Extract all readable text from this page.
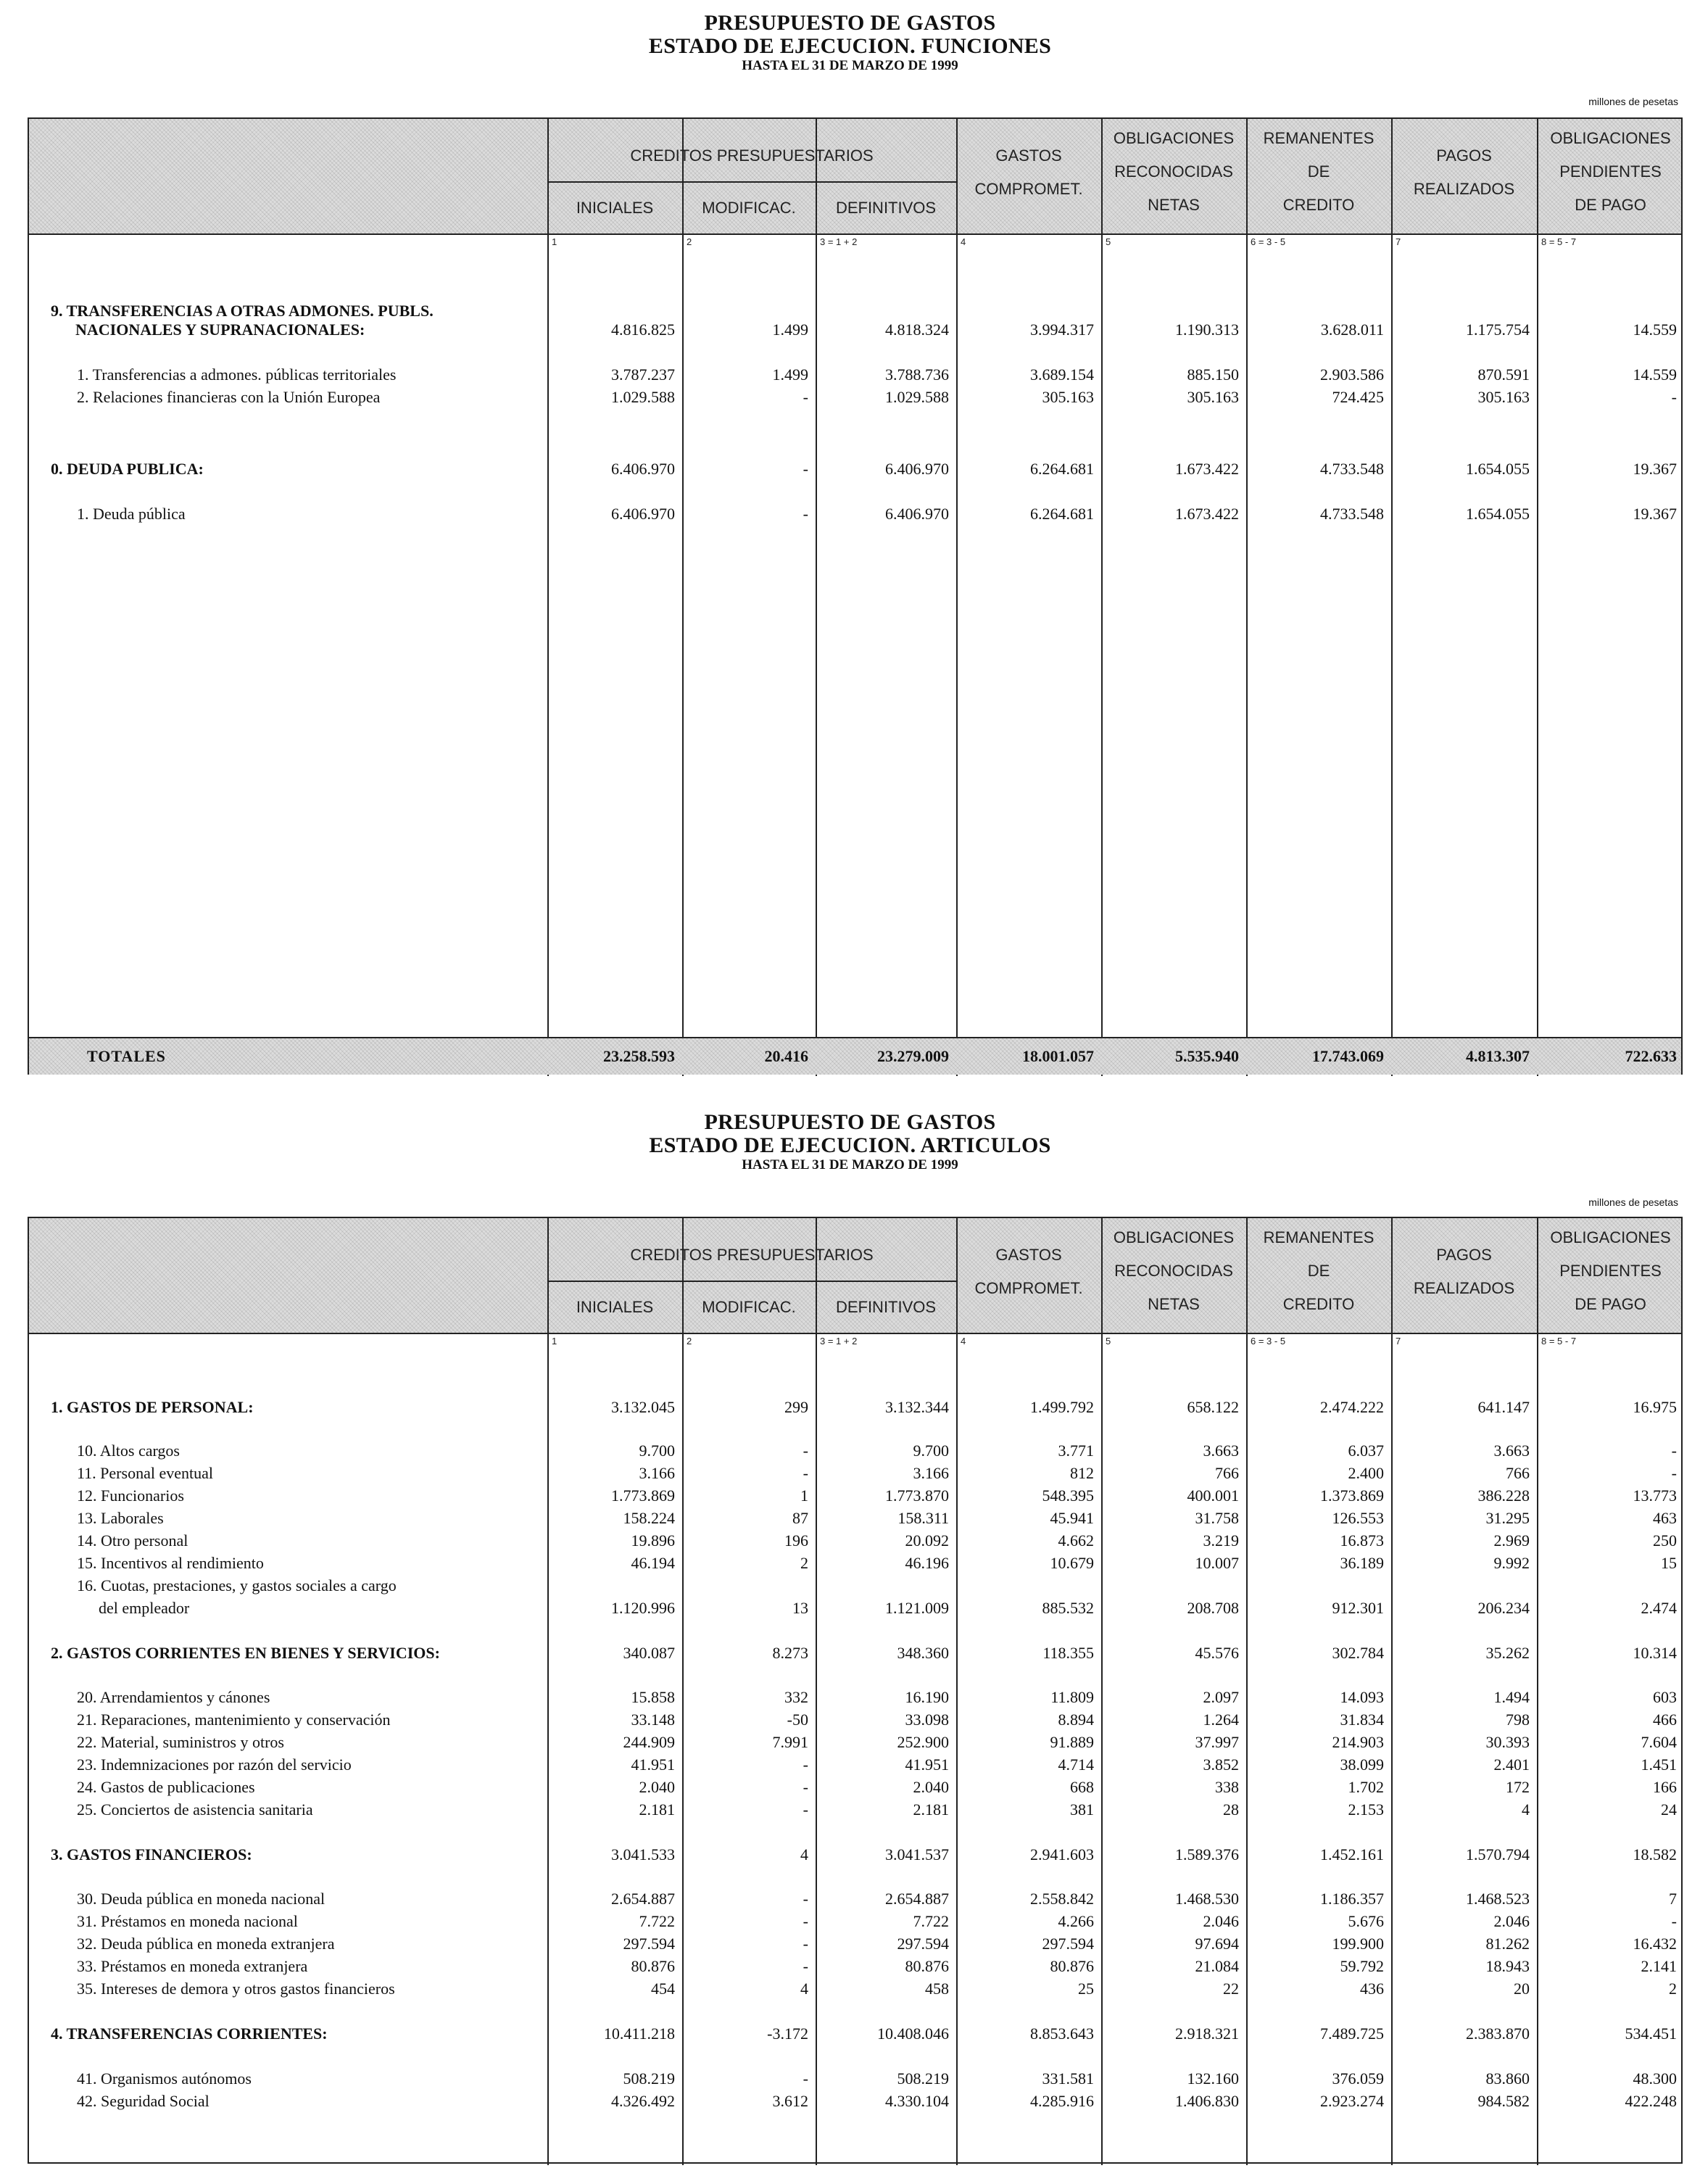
PRESUPUESTO DE GASTOS
ESTADO DE EJECUCION. FUNCIONES
HASTA EL 31 DE MARZO DE 1999
millones de pesetas
CREDITOS PRESUPUESTARIOS
INICIALES	MODIFICAC.	DEFINITIVOS
GASTOS
COMPROMET.
OBLIGACIONES
RECONOCIDAS
NETAS
REMANENTES
DE
CREDITO
PAGOS
REALIZADOS
OBLIGACIONES
PENDIENTES
DE PAGO
1	2	3 = 1 + 2	4	5	6 = 3 - 5	7	8 = 5 - 7
9. TRANSFERENCIAS A OTRAS ADMONES. PUBLS.
NACIONALES Y SUPRANACIONALES:	4.816.825	1.499	4.818.324	3.994.317	1.190.313	3.628.011	1.175.754	14.559
1. Transferencias a admones. públicas territoriales	3.787.237	1.499	3.788.736	3.689.154	885.150	2.903.586	870.591	14.559
2. Relaciones financieras con la Unión Europea	1.029.588	-	1.029.588	305.163	305.163	724.425	305.163	-
0. DEUDA PUBLICA:	6.406.970	-	6.406.970	6.264.681	1.673.422	4.733.548	1.654.055	19.367
1. Deuda pública	6.406.970	-	6.406.970	6.264.681	1.673.422	4.733.548	1.654.055	19.367
TOTALES	23.258.593	20.416	23.279.009	18.001.057	5.535.940	17.743.069	4.813.307	722.633
PRESUPUESTO DE GASTOS
ESTADO DE EJECUCION. ARTICULOS
HASTA EL 31 DE MARZO DE 1999
millones de pesetas
CREDITOS PRESUPUESTARIOS
INICIALES	MODIFICAC.	DEFINITIVOS
GASTOS
COMPROMET.
OBLIGACIONES
RECONOCIDAS
NETAS
REMANENTES
DE
CREDITO
PAGOS
REALIZADOS
OBLIGACIONES
PENDIENTES
DE PAGO
1	2	3 = 1 + 2	4	5	6 = 3 - 5	7	8 = 5 - 7
1. GASTOS DE PERSONAL:	3.132.045	299	3.132.344	1.499.792	658.122	2.474.222	641.147	16.975
10. Altos cargos	9.700	-	9.700	3.771	3.663	6.037	3.663	-
11. Personal eventual	3.166	-	3.166	812	766	2.400	766	-
12. Funcionarios	1.773.869	1	1.773.870	548.395	400.001	1.373.869	386.228	13.773
13. Laborales	158.224	87	158.311	45.941	31.758	126.553	31.295	463
14. Otro personal	19.896	196	20.092	4.662	3.219	16.873	2.969	250
15. Incentivos al rendimiento	46.194	2	46.196	10.679	10.007	36.189	9.992	15
16. Cuotas, prestaciones, y gastos sociales a cargo
del empleador	1.120.996	13	1.121.009	885.532	208.708	912.301	206.234	2.474
2. GASTOS CORRIENTES EN BIENES Y SERVICIOS:	340.087	8.273	348.360	118.355	45.576	302.784	35.262	10.314
20. Arrendamientos y cánones	15.858	332	16.190	11.809	2.097	14.093	1.494	603
21. Reparaciones, mantenimiento y conservación	33.148	-50	33.098	8.894	1.264	31.834	798	466
22. Material, suministros y otros	244.909	7.991	252.900	91.889	37.997	214.903	30.393	7.604
23. Indemnizaciones por razón del servicio	41.951	-	41.951	4.714	3.852	38.099	2.401	1.451
24. Gastos de publicaciones	2.040	-	2.040	668	338	1.702	172	166
25. Conciertos de asistencia sanitaria	2.181	-	2.181	381	28	2.153	4	24
3. GASTOS FINANCIEROS:	3.041.533	4	3.041.537	2.941.603	1.589.376	1.452.161	1.570.794	18.582
30. Deuda pública en moneda nacional	2.654.887	-	2.654.887	2.558.842	1.468.530	1.186.357	1.468.523	7
31. Préstamos en moneda nacional	7.722	-	7.722	4.266	2.046	5.676	2.046	-
32. Deuda pública en moneda extranjera	297.594	-	297.594	297.594	97.694	199.900	81.262	16.432
33. Préstamos en moneda extranjera	80.876	-	80.876	80.876	21.084	59.792	18.943	2.141
35. Intereses de demora y otros gastos financieros	454	4	458	25	22	436	20	2
4. TRANSFERENCIAS CORRIENTES:	10.411.218	-3.172	10.408.046	8.853.643	2.918.321	7.489.725	2.383.870	534.451
41. Organismos autónomos	508.219	-	508.219	331.581	132.160	376.059	83.860	48.300
42. Seguridad Social	4.326.492	3.612	4.330.104	4.285.916	1.406.830	2.923.274	984.582	422.248
